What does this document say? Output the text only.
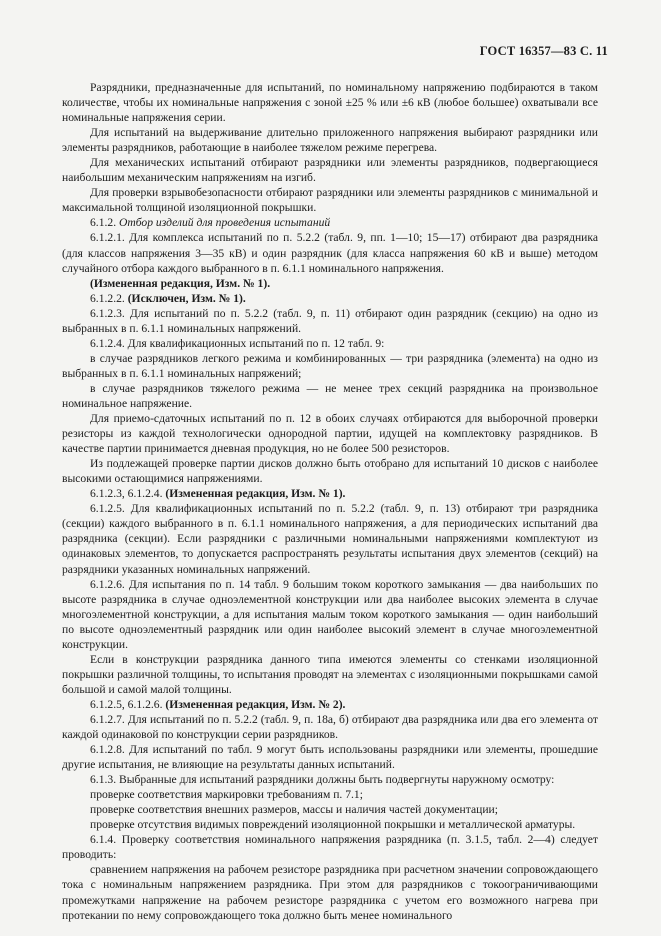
ГОСТ 16357—83 С. 11

Разрядники, предназначенные для испытаний, по номинальному напряжению подбираются в таком количестве, чтобы их номинальные напряжения с зоной ±25 % или ±6 кВ (любое большее) охватывали все номинальные напряжения серии.

Для испытаний на выдерживание длительно приложенного напряжения выбирают разрядники или элементы разрядников, работающие в наиболее тяжелом режиме перегрева.

Для механических испытаний отбирают разрядники или элементы разрядников, подвергающиеся наибольшим механическим напряжениям на изгиб.

Для проверки взрывобезопасности отбирают разрядники или элементы разрядников с минимальной и максимальной толщиной изоляционной покрышки.

6.1.2. Отбор изделий для проведения испытаний

6.1.2.1. Для комплекса испытаний по п. 5.2.2 (табл. 9, пп. 1—10; 15—17) отбирают два разрядника (для классов напряжения 3—35 кВ) и один разрядник (для класса напряжения 60 кВ и выше) методом случайного отбора каждого выбранного в п. 6.1.1 номинального напряжения.

(Измененная редакция, Изм. № 1).

6.1.2.2. (Исключен, Изм. № 1).

6.1.2.3. Для испытаний по п. 5.2.2 (табл. 9, п. 11) отбирают один разрядник (секцию) на одно из выбранных в п. 6.1.1 номинальных напряжений.

6.1.2.4. Для квалификационных испытаний по п. 12 табл. 9:

в случае разрядников легкого режима и комбинированных — три разрядника (элемента) на одно из выбранных в п. 6.1.1 номинальных напряжений;

в случае разрядников тяжелого режима — не менее трех секций разрядника на произвольное номинальное напряжение.

Для приемо-сдаточных испытаний по п. 12 в обоих случаях отбираются для выборочной проверки резисторы из каждой технологически однородной партии, идущей на комплектовку разрядников. В качестве партии принимается дневная продукция, но не более 500 резисторов.

Из подлежащей проверке партии дисков должно быть отобрано для испытаний 10 дисков с наиболее высокими остающимися напряжениями.

6.1.2.3, 6.1.2.4. (Измененная редакция, Изм. № 1).

6.1.2.5. Для квалификационных испытаний по п. 5.2.2 (табл. 9, п. 13) отбирают три разрядника (секции) каждого выбранного в п. 6.1.1 номинального напряжения, а для периодических испытаний два разрядника (секции). Если разрядники с различными номинальными напряжениями комплектуют из одинаковых элементов, то допускается распространять результаты испытания двух элементов (секций) на разрядники указанных номинальных напряжений.

6.1.2.6. Для испытания по п. 14 табл. 9 большим током короткого замыкания — два наибольших по высоте разрядника в случае одноэлементной конструкции или два наиболее высоких элемента в случае многоэлементной конструкции, а для испытания малым током короткого замыкания — один наибольший по высоте одноэлементный разрядник или один наиболее высокий элемент в случае многоэлементной конструкции.

Если в конструкции разрядника данного типа имеются элементы со стенками изоляционной покрышки различной толщины, то испытания проводят на элементах с изоляционными покрышками самой большой и самой малой толщины.

6.1.2.5, 6.1.2.6. (Измененная редакция, Изм. № 2).

6.1.2.7. Для испытаний по п. 5.2.2 (табл. 9, п. 18а, б) отбирают два разрядника или два его элемента от каждой одинаковой по конструкции серии разрядников.

6.1.2.8. Для испытаний по табл. 9 могут быть использованы разрядники или элементы, прошедшие другие испытания, не влияющие на результаты данных испытаний.

6.1.3. Выбранные для испытаний разрядники должны быть подвергнуты наружному осмотру:

проверке соответствия маркировки требованиям п. 7.1;

проверке соответствия внешних размеров, массы и наличия частей документации;

проверке отсутствия видимых повреждений изоляционной покрышки и металлической арматуры.

6.1.4. Проверку соответствия номинального напряжения разрядника (п. 3.1.5, табл. 2—4) следует проводить:

сравнением напряжения на рабочем резисторе разрядника при расчетном значении сопровождающего тока с номинальным напряжением разрядника. При этом для разрядников с токоограничивающими промежутками напряжение на рабочем резисторе разрядника с учетом его возможного нагрева при протекании по нему сопровождающего тока должно быть менее номинального
